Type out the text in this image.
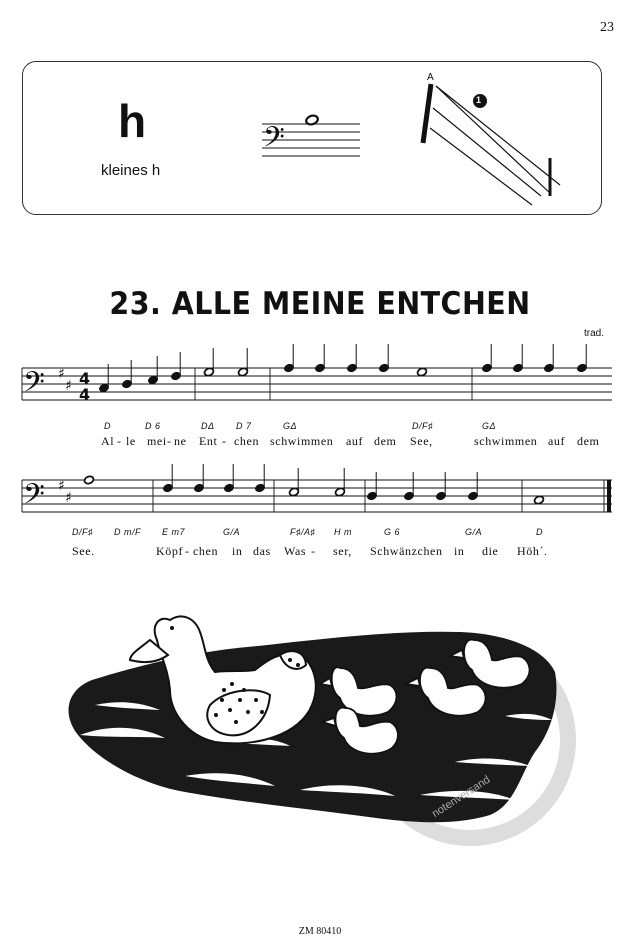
23
h
kleines h
𝄢
A
1
23. ALLE MEINE ENTCHEN
trad.
𝄢 ♯
♯ 4
4
𝄢 ♯
♯
D	D 6	DΔ D 7	GΔ	D/F♯	GΔ
Al - le mei - ne Ent - chen schwimmen auf dem See,	schwimmen auf dem
D/F♯ D m/F E m7	G/A	F♯/A♯ H m	G 6	G/A	D
See.	Köpf - chen in das Was - ser, Schwänzchen in die Höh´.
notenversand
ZM 80410
